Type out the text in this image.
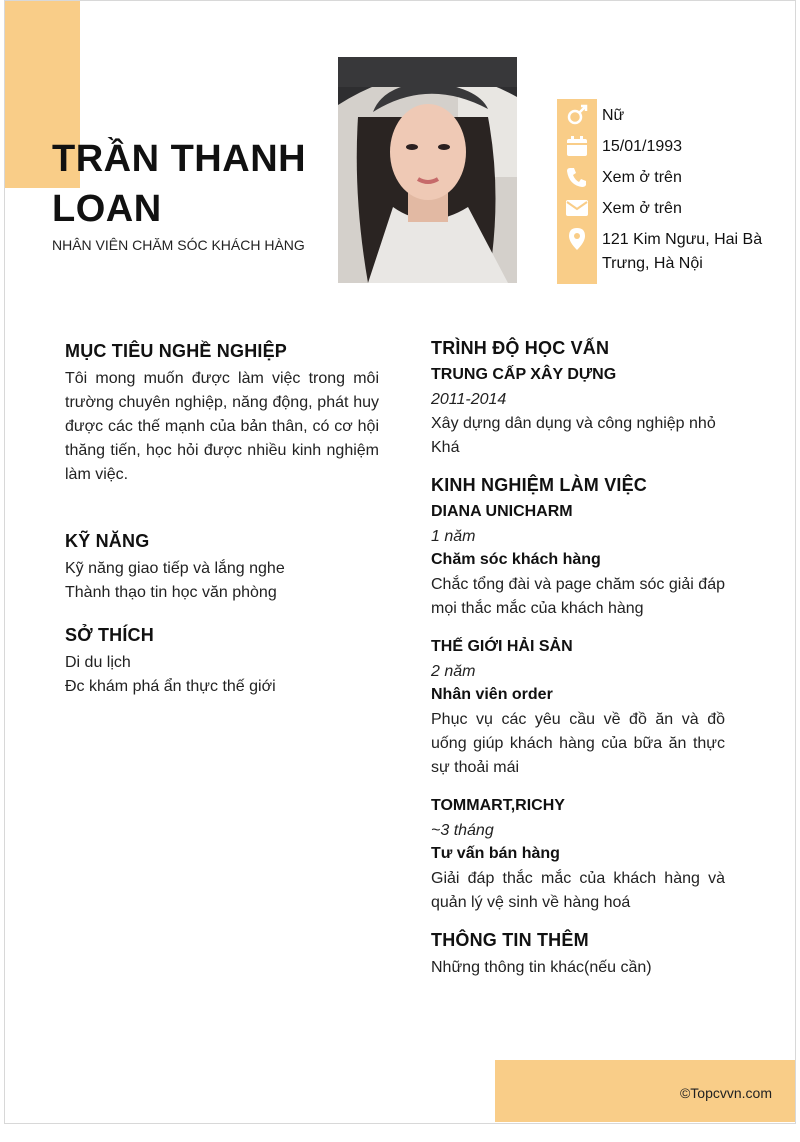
©Topcvvn.com
TRẦN THANH LOAN
NHÂN VIÊN CHĂM SÓC KHÁCH HÀNG
Nữ
15/01/1993
Xem ở trên
Xem ở trên
121 Kim Ngưu, Hai Bà Trưng, Hà Nội
MỤC TIÊU NGHỀ NGHIỆP
Tôi mong muốn được làm việc trong môi trường chuyên nghiệp, năng động, phát huy được các thế mạnh của bản thân, có cơ hội thăng tiến, học hỏi được nhiều kinh nghiệm làm việc.
KỸ NĂNG
Kỹ năng giao tiếp và lắng nghe
Thành thạo tin học văn phòng
SỞ THÍCH
Di du lịch
Đc khám phá ẩn thực thế giới
TRÌNH ĐỘ HỌC VẤN
TRUNG CẤP XÂY DỰNG
2011-2014
Xây dựng dân dụng và công nghiệp nhỏ
Khá
KINH NGHIỆM LÀM VIỆC
DIANA UNICHARM
1 năm
Chăm sóc khách hàng
Chắc tổng đài và page chăm sóc giải đáp mọi thắc mắc của khách hàng
THẾ GIỚI HẢI SẢN
2 năm
Nhân viên order
Phục vụ các yêu cầu về đồ ăn và đồ uống giúp khách hàng của bữa ăn thực sự thoải mái
TOMMART,RICHY
~3 tháng
Tư vấn bán hàng
Giải đáp thắc mắc của khách hàng và quản lý vệ sinh về hàng hoá
THÔNG TIN THÊM
Những thông tin khác(nếu cần)
